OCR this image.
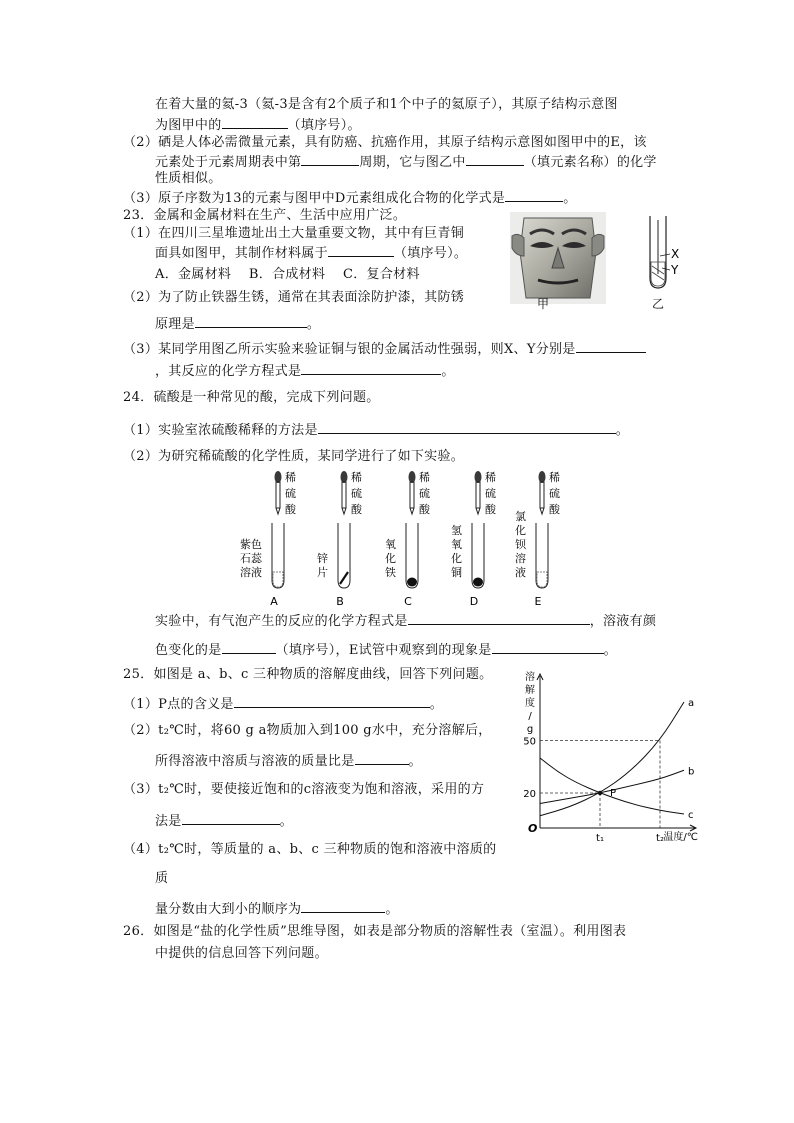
在着大量的氦-3（氦-3是含有2个质子和1个中子的氦原子），其原子结构示意图
为图甲中的	（填序号）。
（2）硒是人体必需微量元素，具有防癌、抗癌作用，其原子结构示意图如图甲中的E，该
元素处于元素周期表中第	周期，它与图乙中	（填元素名称）的化学
性质相似。
（3）原子序数为13的元素与图甲中D元素组成化合物的化学式是	。
23．金属和金属材料在生产、生活中应用广泛。
（1）在四川三星堆遗址出土大量重要文物，其中有巨青铜
面具如图甲，其制作材料属于	（填序号）。
A．金属材料　 B．合成材料　 C．复合材料
（2）为了防止铁器生锈，通常在其表面涂防护漆，其防锈
原理是	。
（3）某同学用图乙所示实验来验证铜与银的金属活动性强弱，则X、Y分别是
，其反应的化学方程式是	。
甲
X
Y
乙
24．硫酸是一种常见的酸，完成下列问题。
（1）实验室浓硫酸稀释的方法是	。
（2）为研究稀硫酸的化学性质，某同学进行了如下实验。
稀
硫
酸
紫色
石蕊
溶液
A
稀
硫
酸
锌
片
B
稀
硫
酸
氧
化
铁
C
稀
硫
酸
氢
氧
化
铜
D
稀
硫
酸
氯
化
钡
溶
液
E
实验中，有气泡产生的反应的化学方程式是	，溶液有颜
色变化的是	（填序号），E试管中观察到的现象是	。
25．如图是 a、b、c 三种物质的溶解度曲线，回答下列问题。
（1）P点的含义是	。
（2）t₂℃时，将60 g a物质加入到100 g水中，充分溶解后，
所得溶液中溶质与溶液的质量比是	。
（3）t₂℃时，要使接近饱和的c溶液变为饱和溶液，采用的方
法是	。
（4）t₂℃时，等质量的 a、b、c 三种物质的饱和溶液中溶质的
质
量分数由大到小的顺序为	。
溶
解
度
/
g
温度/℃
O
20
50
t₁	t₂
a
b
c
P
26．如图是“盐的化学性质”思维导图，如表是部分物质的溶解性表（室温）。利用图表
中提供的信息回答下列问题。
